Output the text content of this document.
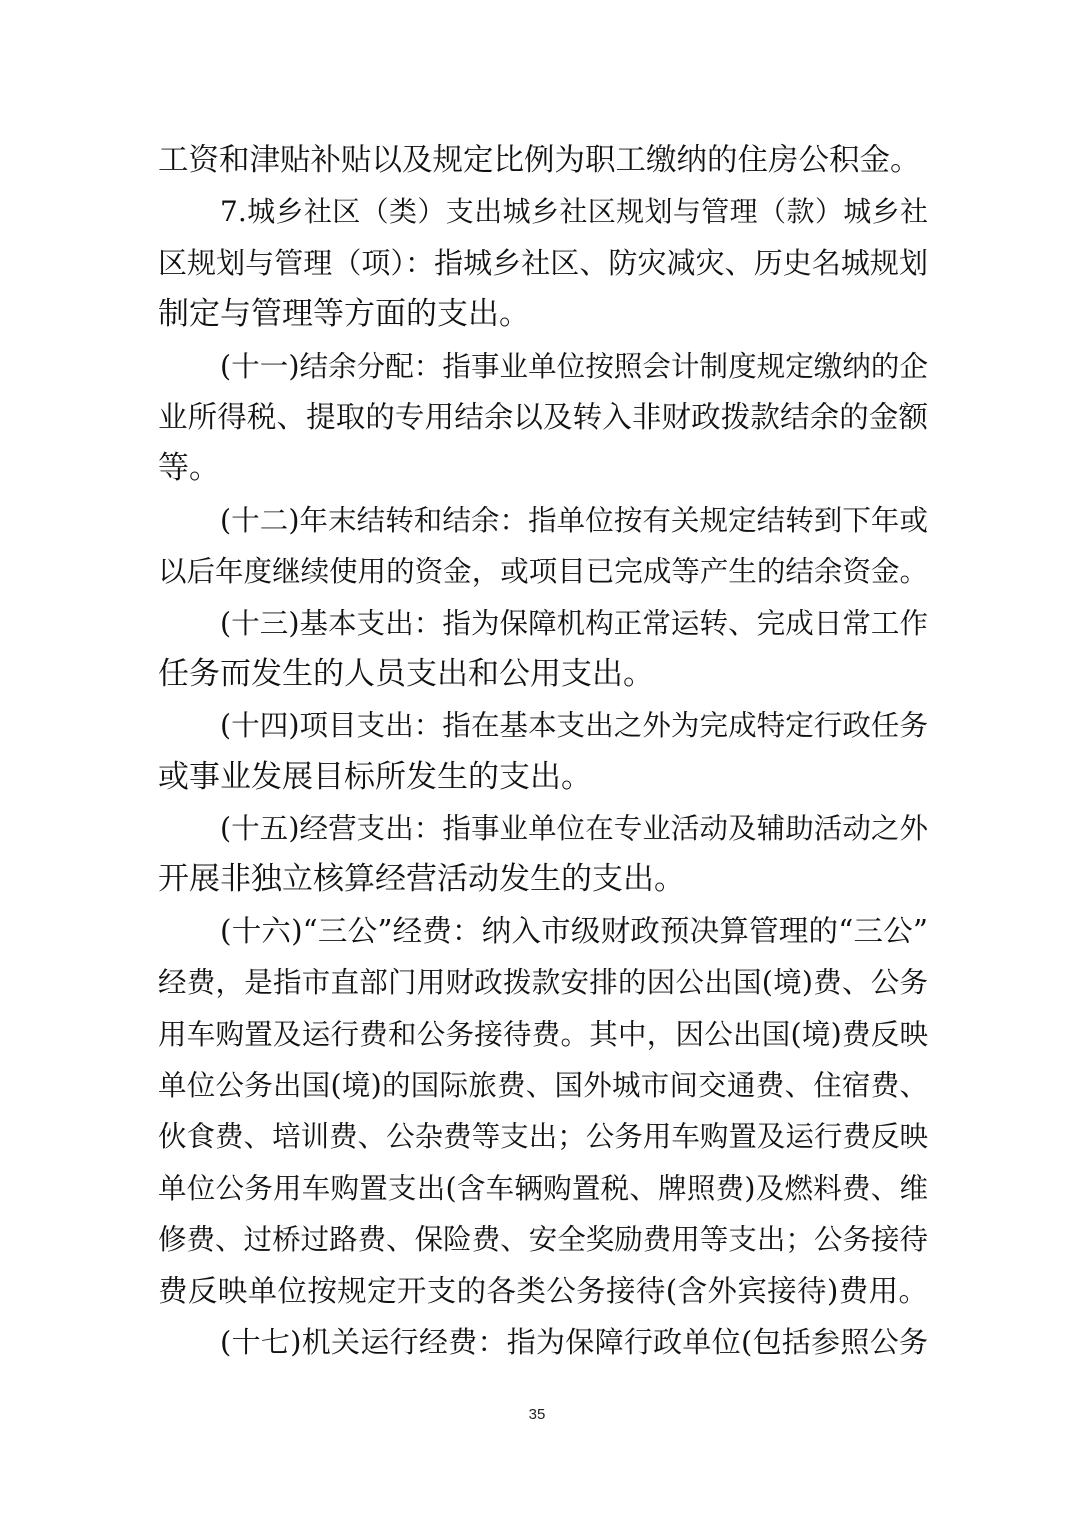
工资和津贴补贴以及规定比例为职工缴纳的住房公积金。
7.城乡社区（类）支出城乡社区规划与管理（款）城乡社
区规划与管理（项）：指城乡社区、防灾减灾、历史名城规划
制定与管理等方面的支出。
(十一)结余分配：指事业单位按照会计制度规定缴纳的企
业所得税、提取的专用结余以及转入非财政拨款结余的金额
等。
(十二)年末结转和结余：指单位按有关规定结转到下年或
以后年度继续使用的资金，或项目已完成等产生的结余资金。
(十三)基本支出：指为保障机构正常运转、完成日常工作
任务而发生的人员支出和公用支出。
(十四)项目支出：指在基本支出之外为完成特定行政任务
或事业发展目标所发生的支出。
(十五)经营支出：指事业单位在专业活动及辅助活动之外
开展非独立核算经营活动发生的支出。
(十六)“三公”经费：纳入市级财政预决算管理的“三公”
经费，是指市直部门用财政拨款安排的因公出国(境)费、公务
用车购置及运行费和公务接待费。其中，因公出国(境)费反映
单位公务出国(境)的国际旅费、国外城市间交通费、住宿费、
伙食费、培训费、公杂费等支出；公务用车购置及运行费反映
单位公务用车购置支出(含车辆购置税、牌照费)及燃料费、维
修费、过桥过路费、保险费、安全奖励费用等支出；公务接待
费反映单位按规定开支的各类公务接待(含外宾接待)费用。
(十七)机关运行经费：指为保障行政单位(包括参照公务
35
